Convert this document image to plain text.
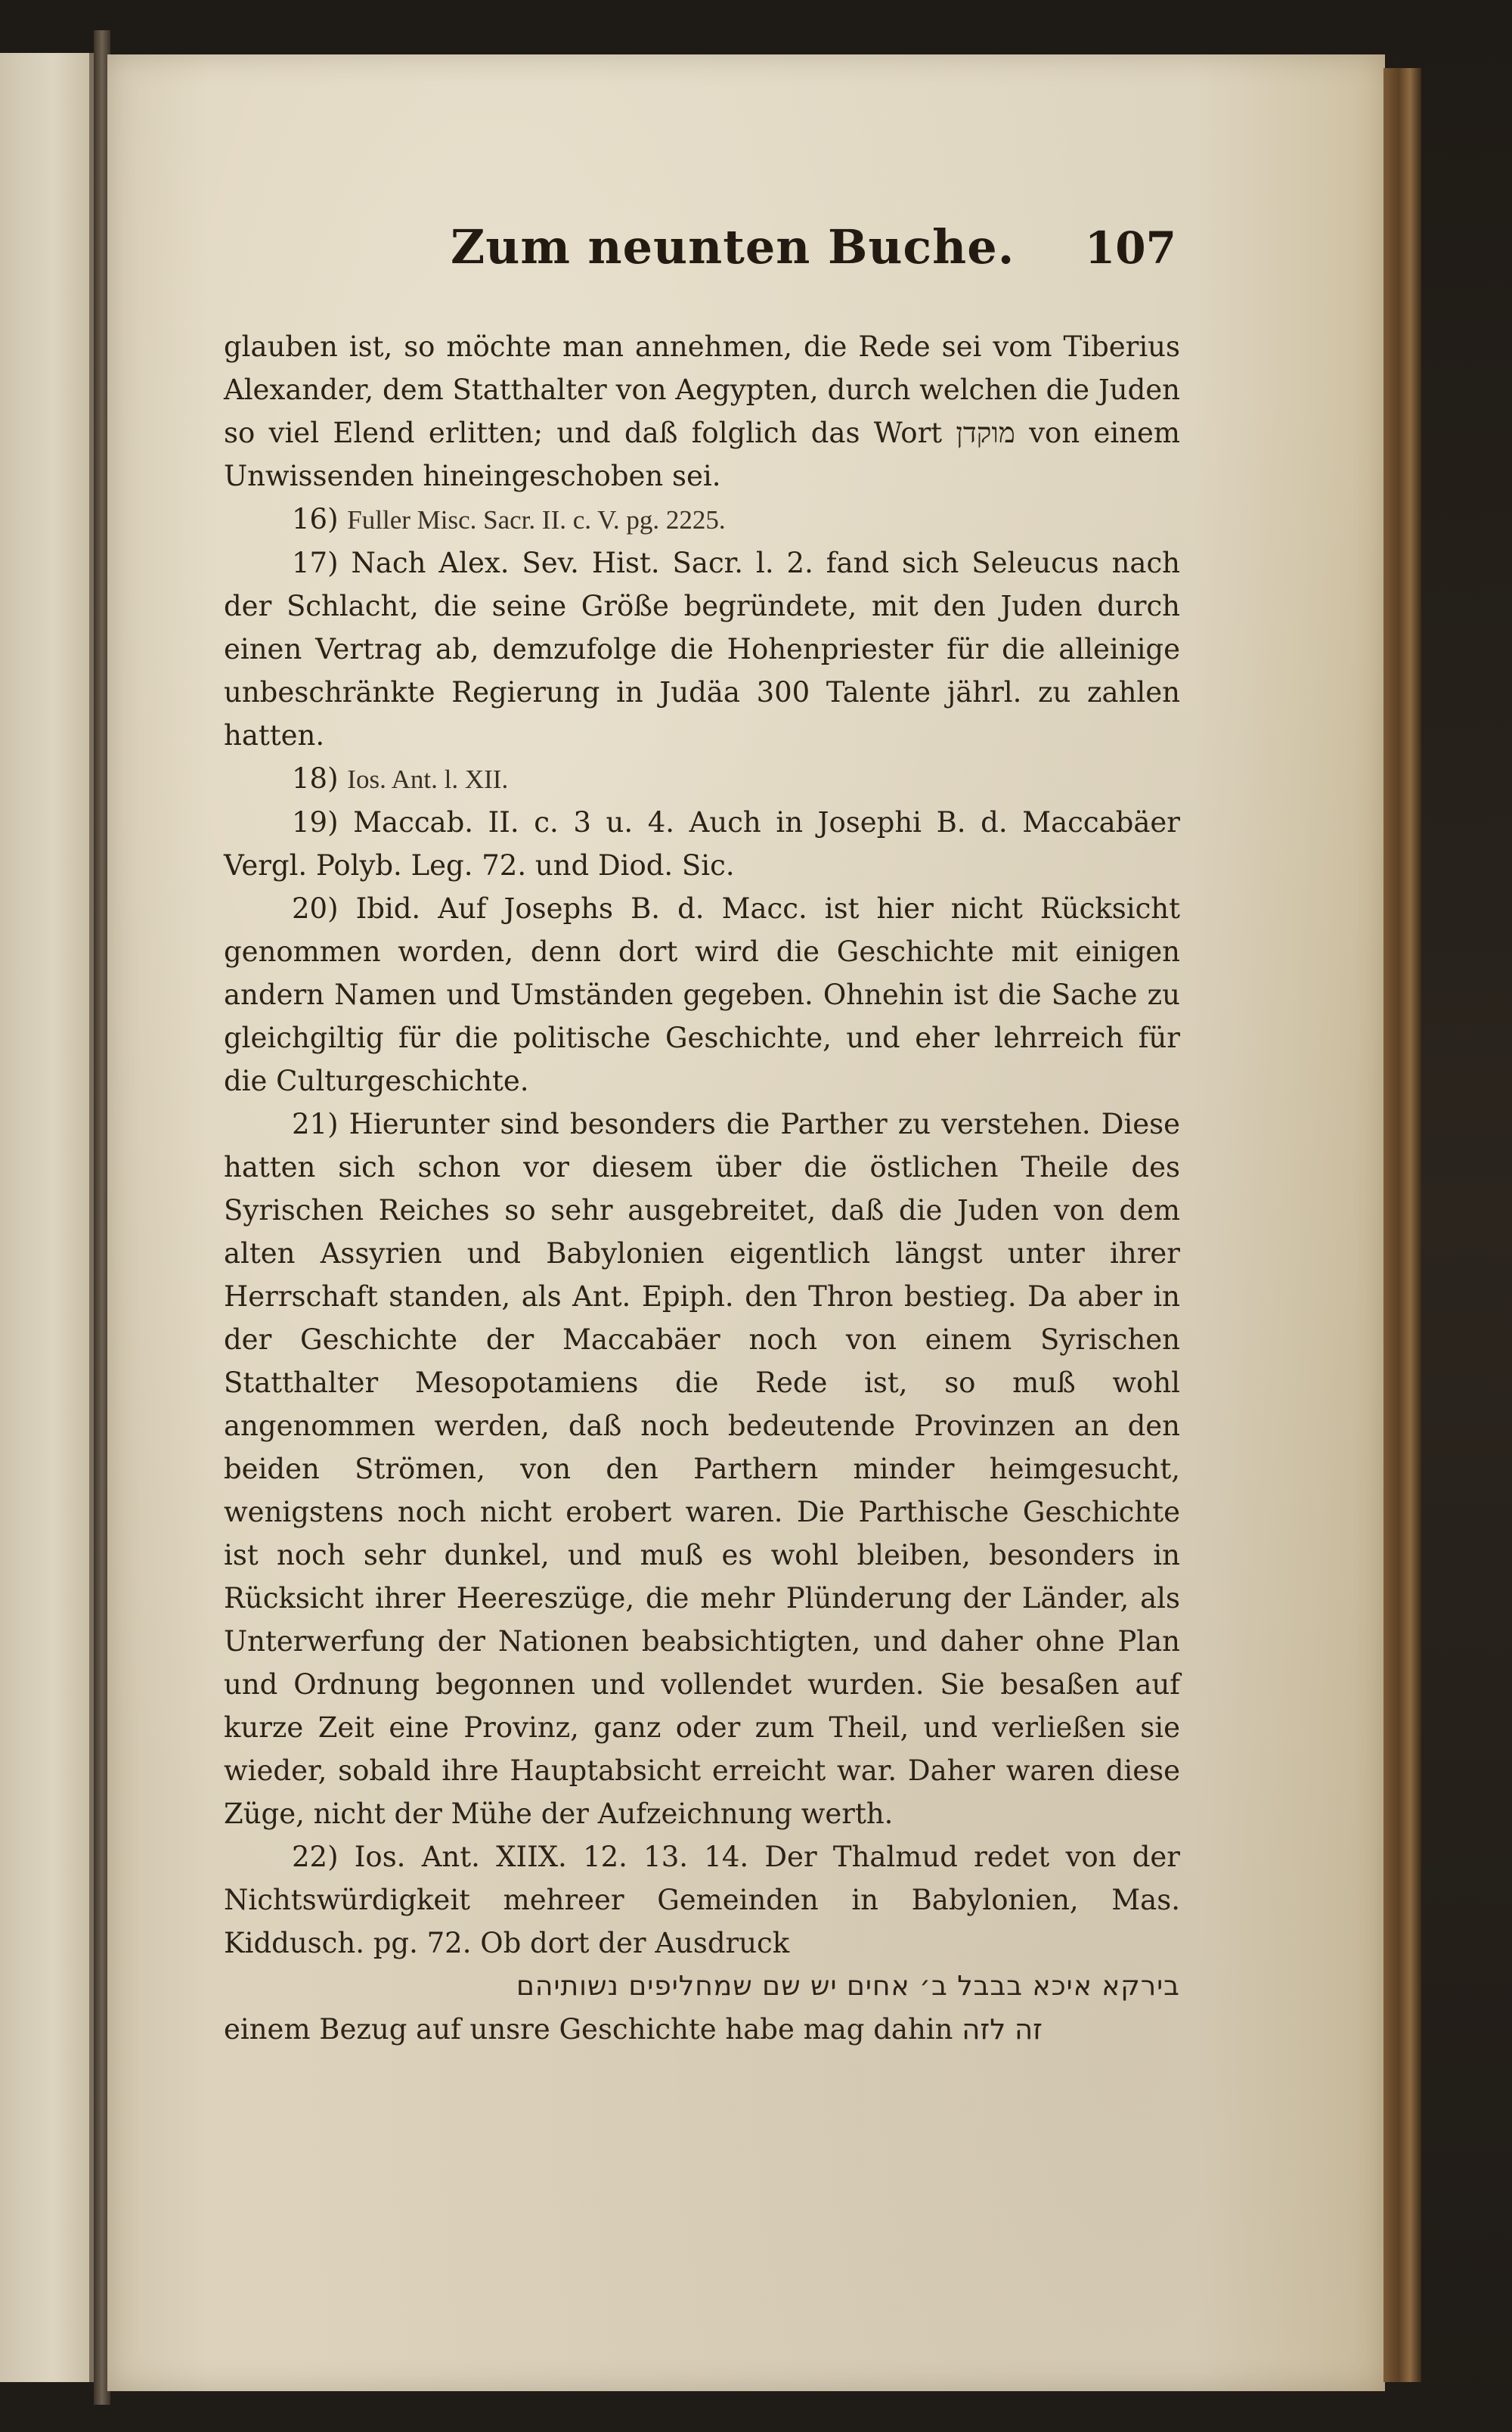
Zum neunten Buche. 107

glauben ist, so möchte man annehmen, die Rede sei vom Tiberius Alexander, dem Statthalter von Aegypten, durch welchen die Juden so viel Elend erlitten; und daß folglich das Wort מוקדן von einem Unwissenden hineingeschoben sei.

16) Fuller Misc. Sacr. II. c. V. pg. 2225.

17) Nach Alex. Sev. Hist. Sacr. l. 2. fand sich Seleucus nach der Schlacht, die seine Größe begründete, mit den Juden durch einen Vertrag ab, demzufolge die Hohenpriester für die alleinige unbeschränkte Regierung in Judäa 300 Talente jährl. zu zahlen hatten.

18) Ios. Ant. l. XII.

19) Maccab. II. c. 3 u. 4. Auch in Josephi B. d. Maccabäer Vergl. Polyb. Leg. 72. und Diod. Sic.

20) Ibid. Auf Josephs B. d. Macc. ist hier nicht Rücksicht genommen worden, denn dort wird die Geschichte mit einigen andern Namen und Umständen gegeben. Ohnehin ist die Sache zu gleichgiltig für die politische Geschichte, und eher lehrreich für die Culturgeschichte.

21) Hierunter sind besonders die Parther zu verstehen. Diese hatten sich schon vor diesem über die östlichen Theile des Syrischen Reiches so sehr ausgebreitet, daß die Juden von dem alten Assyrien und Babylonien eigentlich längst unter ihrer Herrschaft standen, als Ant. Epiph. den Thron bestieg. Da aber in der Geschichte der Maccabäer noch von einem Syrischen Statthalter Mesopotamiens die Rede ist, so muß wohl angenommen werden, daß noch bedeutende Provinzen an den beiden Strömen, von den Parthern minder heimgesucht, wenigstens noch nicht erobert waren. Die Parthische Geschichte ist noch sehr dunkel, und muß es wohl bleiben, besonders in Rücksicht ihrer Heereszüge, die mehr Plünderung der Länder, als Unterwerfung der Nationen beabsichtigten, und daher ohne Plan und Ordnung begonnen und vollendet wurden. Sie besaßen auf kurze Zeit eine Provinz, ganz oder zum Theil, und verließen sie wieder, sobald ihre Hauptabsicht erreicht war. Daher waren diese Züge, nicht der Mühe der Aufzeichnung werth.

22) Ios. Ant. XIIX. 12. 13. 14. Der Thalmud redet von der Nichtswürdigkeit mehreer Gemeinden in Babylonien, Mas. Kiddusch. pg. 72. Ob dort der Ausdruck

בירקא איכא בבבל ב׳ אחים יש שם שמחליפים נשותיהם

einem Bezug auf unsre Geschichte habe mag dahin זה לזה
